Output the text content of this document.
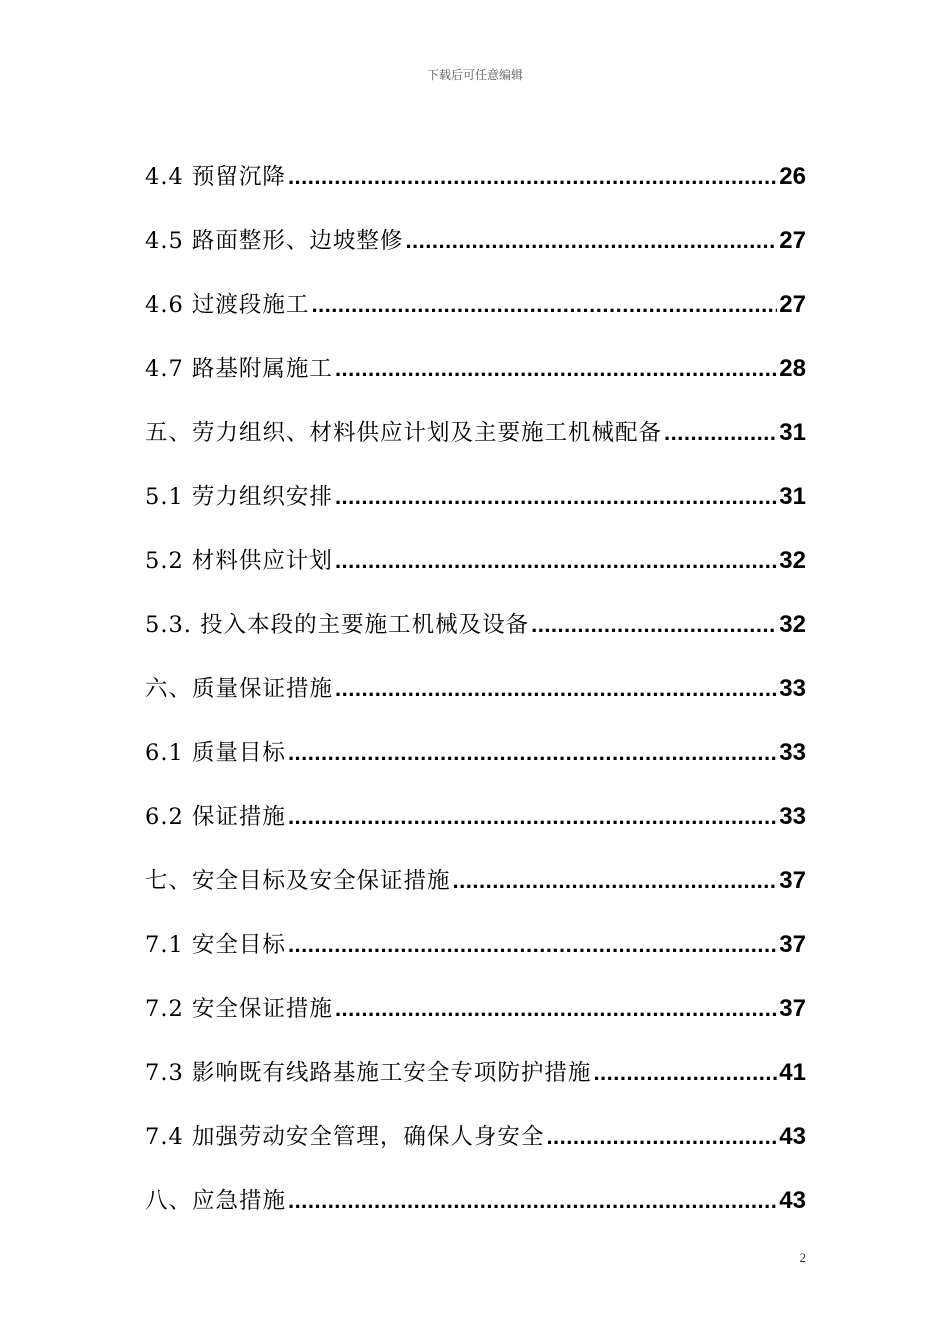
下载后可任意编辑
4.4 预留沉降 .....	26
4.5 路面整形、边坡整修 .....	27
4.6 过渡段施工 .....	27
4.7 路基附属施工 .....	28
五、劳力组织、材料供应计划及主要施工机械配备 .....	31
5.1 劳力组织安排 .....	31
5.2 材料供应计划 .....	32
5.3. 投入本段的主要施工机械及设备 .....	32
六、质量保证措施 .....	33
6.1 质量目标 .....	33
6.2 保证措施 .....	33
七、安全目标及安全保证措施 .....	37
7.1 安全目标 .....	37
7.2 安全保证措施 .....	37
7.3 影响既有线路基施工安全专项防护措施 .....	41
7.4 加强劳动安全管理，确保人身安全 .....	43
八、应急措施 .....	43
2
